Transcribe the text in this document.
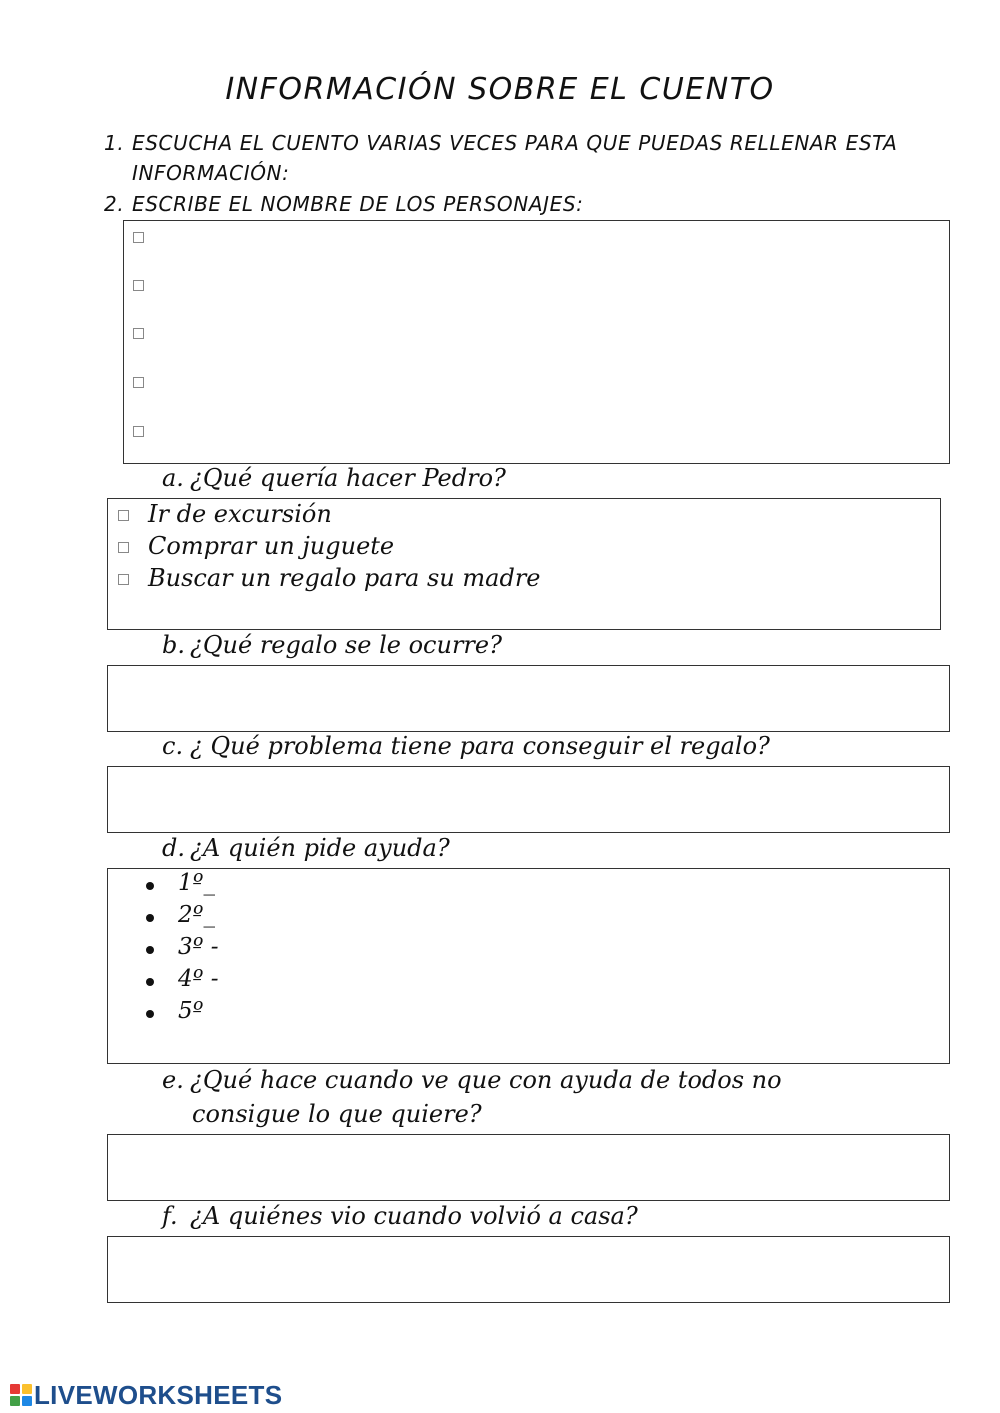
INFORMACIÓN SOBRE EL CUENTO
1. ESCUCHA EL CUENTO VARIAS VECES PARA QUE PUEDAS RELLENAR ESTA
INFORMACIÓN:
2. ESCRIBE EL NOMBRE DE LOS PERSONAJES:
a. ¿Qué quería hacer Pedro?
Ir de excursión
Comprar un juguete
Buscar un regalo para su madre
b. ¿Qué regalo se le ocurre?
c. ¿ Qué problema tiene para conseguir el regalo?
d. ¿A quién pide ayuda?
1º_
2º_
3º -
4º -
5º
e. ¿Qué hace cuando ve que con ayuda de todos no
consigue lo que quiere?
f. ¿A quiénes vio cuando volvió a casa?
LIVEWORKSHEETS
